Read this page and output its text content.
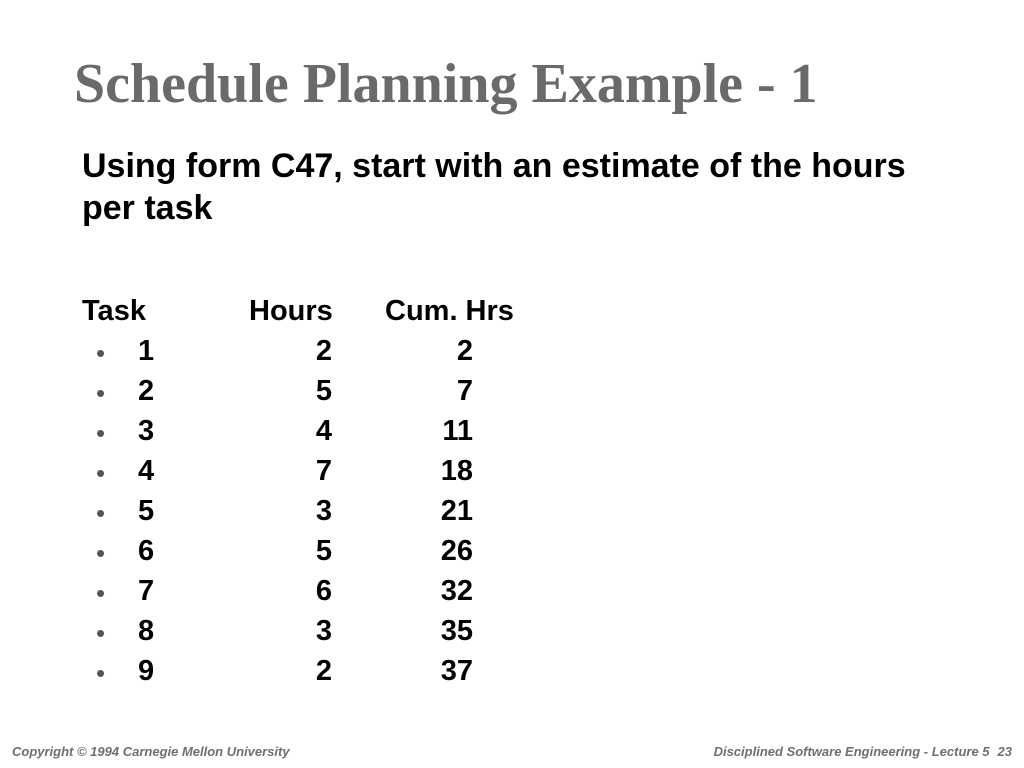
Schedule Planning Example - 1

Using form C47, start with an estimate of the hours per task

Task	Hours Cum. Hrs
• 1	2	2
• 2	5	7
• 3	4	11
• 4	7	18
• 5	3	21
• 6	5	26
• 7	6	32
• 8	3	35
• 9	2	37
Copyright © 1994 Carnegie Mellon University	Disciplined Software Engineering - Lecture 5 23
